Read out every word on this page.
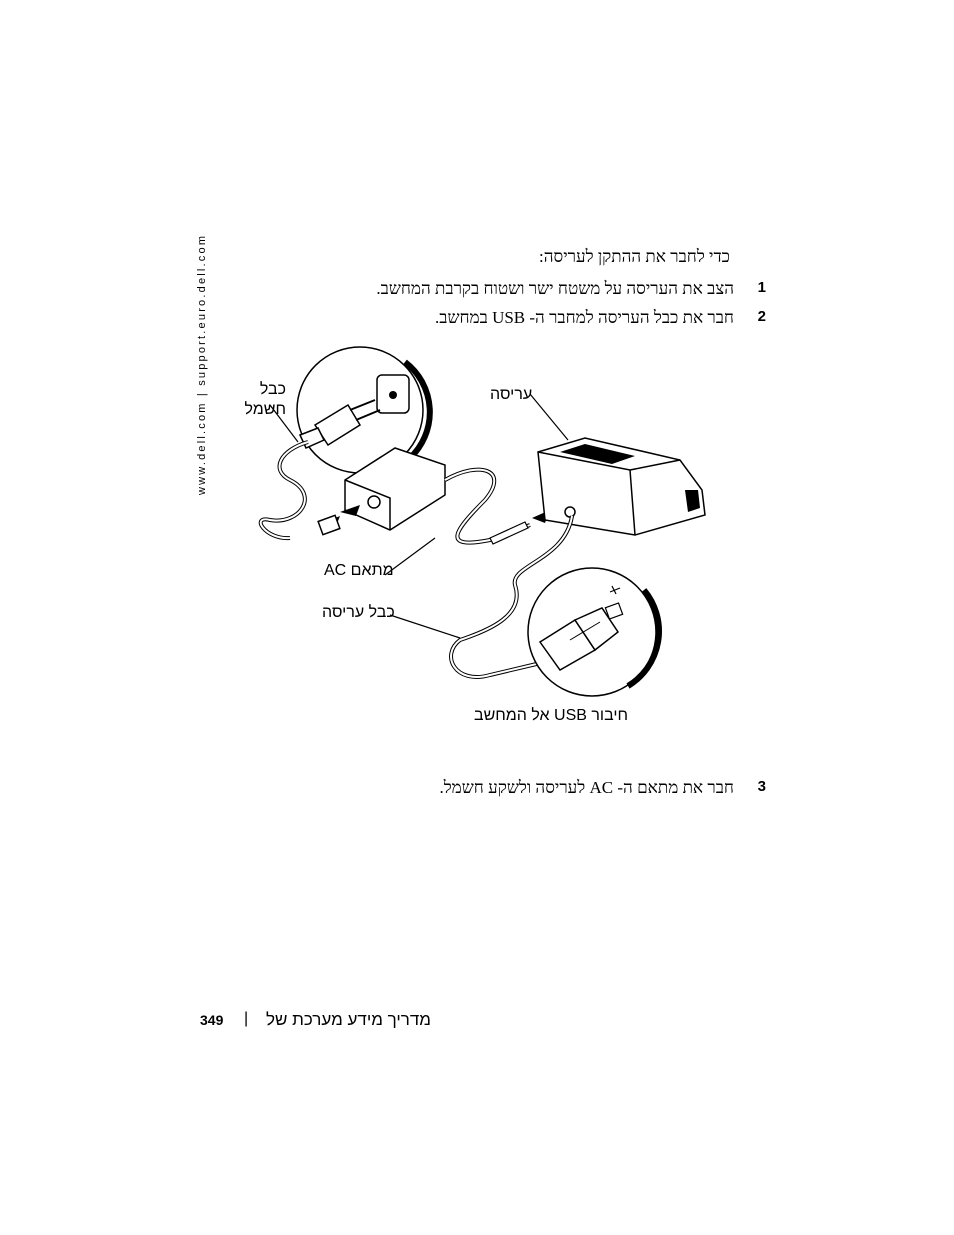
www.dell.com | support.euro.dell.com	כדי לחבר את ההתקן לעריסה:
1
הצב את העריסה על משטח ישר ושטוח בקרבת המחשב.
2
חבר את כבל העריסה למחבר ה- USB במחשב.
כבל חשמל
עריסה
מתאם AC
כבל עריסה
חיבור USB אל המחשב
3
חבר את מתאם ה- AC לעריסה ולשקע חשמל.
349 | מדריך מידע מערכת של
